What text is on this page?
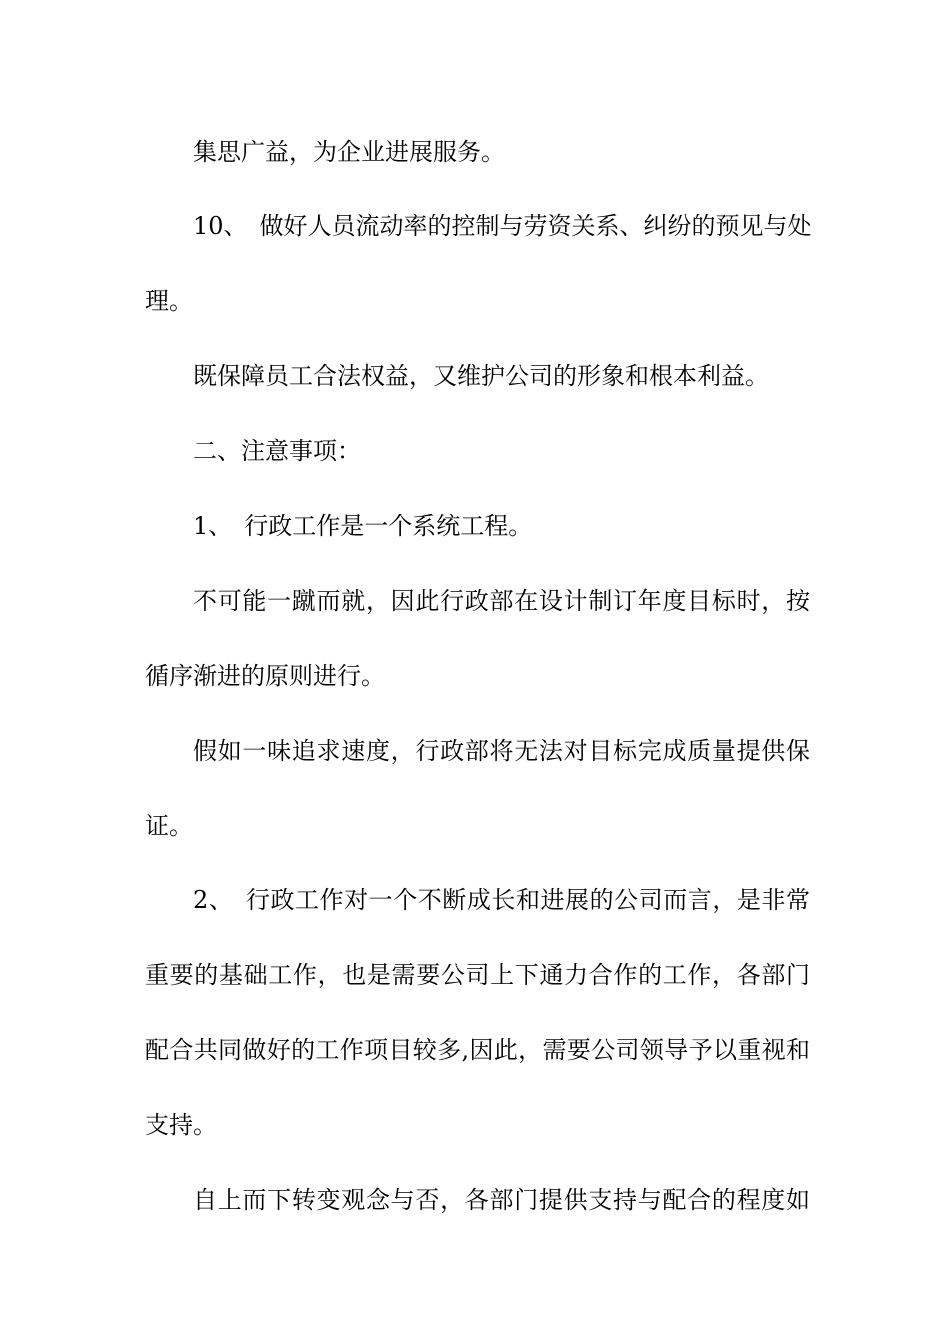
集思广益，为企业进展服务。

10、　做好人员流动率的控制与劳资关系、纠纷的预见与处

理。

既保障员工合法权益，又维护公司的形象和根本利益。

二、注意事项：

1、　行政工作是一个系统工程。

不可能一蹴而就，因此行政部在设计制订年度目标时，按

循序渐进的原则进行。

假如一味追求速度，行政部将无法对目标完成质量提供保

证。

2、　行政工作对一个不断成长和进展的公司而言，是非常

重要的基础工作，也是需要公司上下通力合作的工作，各部门

配合共同做好的工作项目较多,因此，需要公司领导予以重视和

支持。

自上而下转变观念与否，各部门提供支持与配合的程度如
